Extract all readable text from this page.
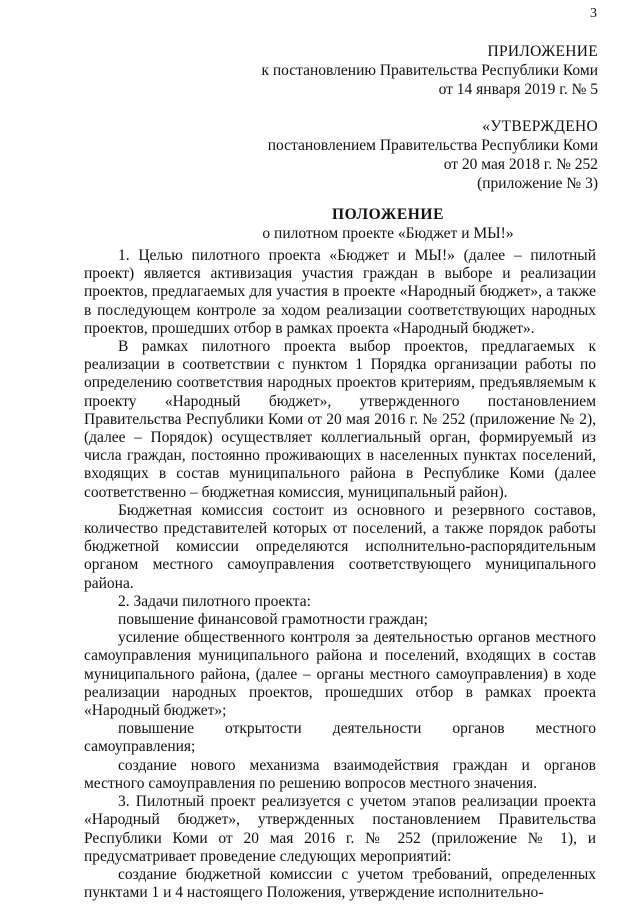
3
ПРИЛОЖЕНИЕ
к постановлению Правительства Республики Коми
от 14 января 2019 г. № 5
«УТВЕРЖДЕНО
постановлением Правительства Республики Коми
от 20 мая 2018 г. № 252
(приложение № 3)
ПОЛОЖЕНИЕ
о пилотном проекте «Бюджет и МЫ!»

1. Целью пилотного проекта «Бюджет и МЫ!» (далее – пилотный проект) является активизация участия граждан в выборе и реализации проектов, предлагаемых для участия в проекте «Народный бюджет», а также в последующем контроле за ходом реализации соответствующих народных проектов, прошедших отбор в рамках проекта «Народный бюджет».

В рамках пилотного проекта выбор проектов, предлагаемых к реализации в соответствии с пунктом 1 Порядка организации работы по определению соответствия народных проектов критериям, предъявляемым к проекту «Народный бюджет», утвержденного постановлением Правительства Республики Коми от 20 мая 2016 г. № 252 (приложение № 2), (далее – Порядок) осуществляет коллегиальный орган, формируемый из числа граждан, постоянно проживающих в населенных пунктах поселений, входящих в состав муниципального района в Республике Коми (далее соответственно – бюджетная комиссия, муниципальный район).

Бюджетная комиссия состоит из основного и резервного составов, количество представителей которых от поселений, а также порядок работы бюджетной комиссии определяются исполнительно-распорядительным органом местного самоуправления соответствующего муниципального района.

2. Задачи пилотного проекта:

повышение финансовой грамотности граждан;

усиление общественного контроля за деятельностью органов местного самоуправления муниципального района и поселений, входящих в состав муниципального района, (далее – органы местного самоуправления) в ходе реализации народных проектов, прошедших отбор в рамках проекта «Народный бюджет»;

повышение открытости деятельности органов местного самоуправления;

создание нового механизма взаимодействия граждан и органов местного самоуправления по решению вопросов местного значения.

3. Пилотный проект реализуется с учетом этапов реализации проекта «Народный бюджет», утвержденных постановлением Правительства Республики Коми от 20 мая 2016 г. № 252 (приложение № 1), и предусматривает проведение следующих мероприятий:

создание бюджетной комиссии с учетом требований, определенных пунктами 1 и 4 настоящего Положения, утверждение исполнительно-
